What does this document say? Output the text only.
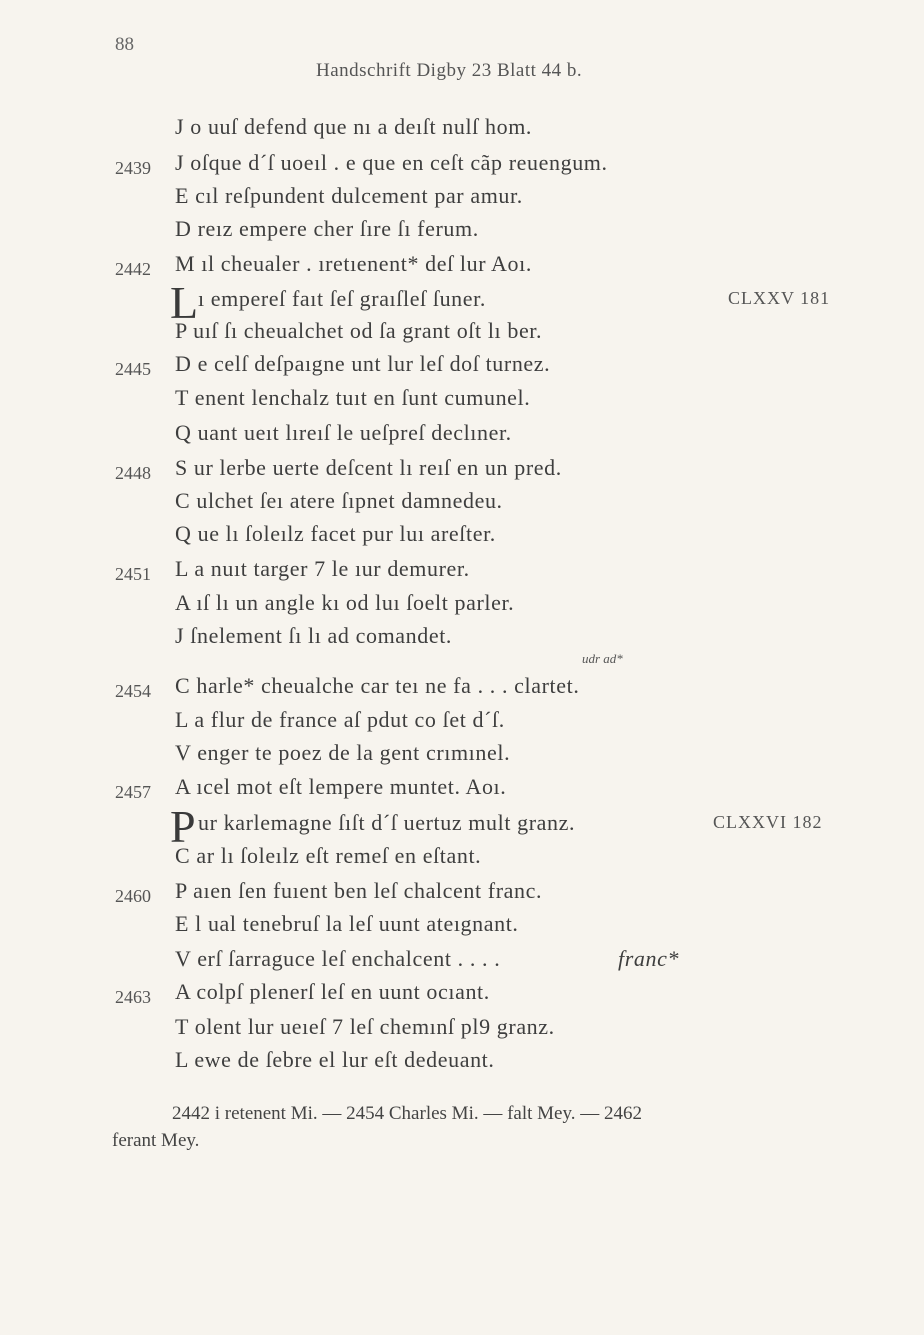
88
Handschrift Digby 23 Blatt 44 b.
J o uuſ defend que nı a deıſt nulſ hom.
2439 J oſque d´ſ uoeıl . e que en ceſt cãp reuengum.
E cıl reſpundent dulcement par amur.
D reız empere cher ſıre ſı ferum.
2442 M ıl cheualer . ıretıenent* deſ lur Aoı.
L ı empereſ faıt ſeſ graıſleſ ſuner.	CLXXV 181
P uıſ ſı cheualchet od ſa grant oſt lı ber.
2445 D e celſ deſpaıgne unt lur leſ doſ turnez.
T enent lenchalz tuıt en ſunt cumunel.
Q uant ueıt lıreıſ le ueſpreſ declıner.
2448 S ur lerbe uerte deſcent lı reıſ en un pred.
C ulchet ſeı atere ſıpnet damnedeu.
Q ue lı ſoleılz facet pur luı areſter.
2451 L a nuıt targer 7 le ıur demurer.
A ıſ lı un angle kı od luı ſoelt parler.
J ſnelement ſı lı ad comandet.
2454 C harle* cheualche car teı ne fa . . . clartet.
udr ad*
L a flur de france aſ pdut co ſet d´ſ.
V enger te poez de la gent crımınel.
2457 A ıcel mot eſt lempere muntet. Aoı.
P ur karlemagne ſıſt d´ſ uertuz mult granz.	CLXXVI 182
C ar lı ſoleılz eſt remeſ en eſtant.
2460 P aıen ſen fuıent ben leſ chalcent franc.
E l ual tenebruſ la leſ uunt ateıgnant.
V erſ ſarraguce leſ enchalcent . . . .	franc*
2463 A colpſ plenerſ leſ en uunt ocıant.
T olent lur ueıeſ 7 leſ chemınſ pl9 granz.
L ewe de ſebre el lur eſt dedeuant.
2442 i retenent Mi. — 2454 Charles Mi. — falt Mey. — 2462
ferant Mey.
